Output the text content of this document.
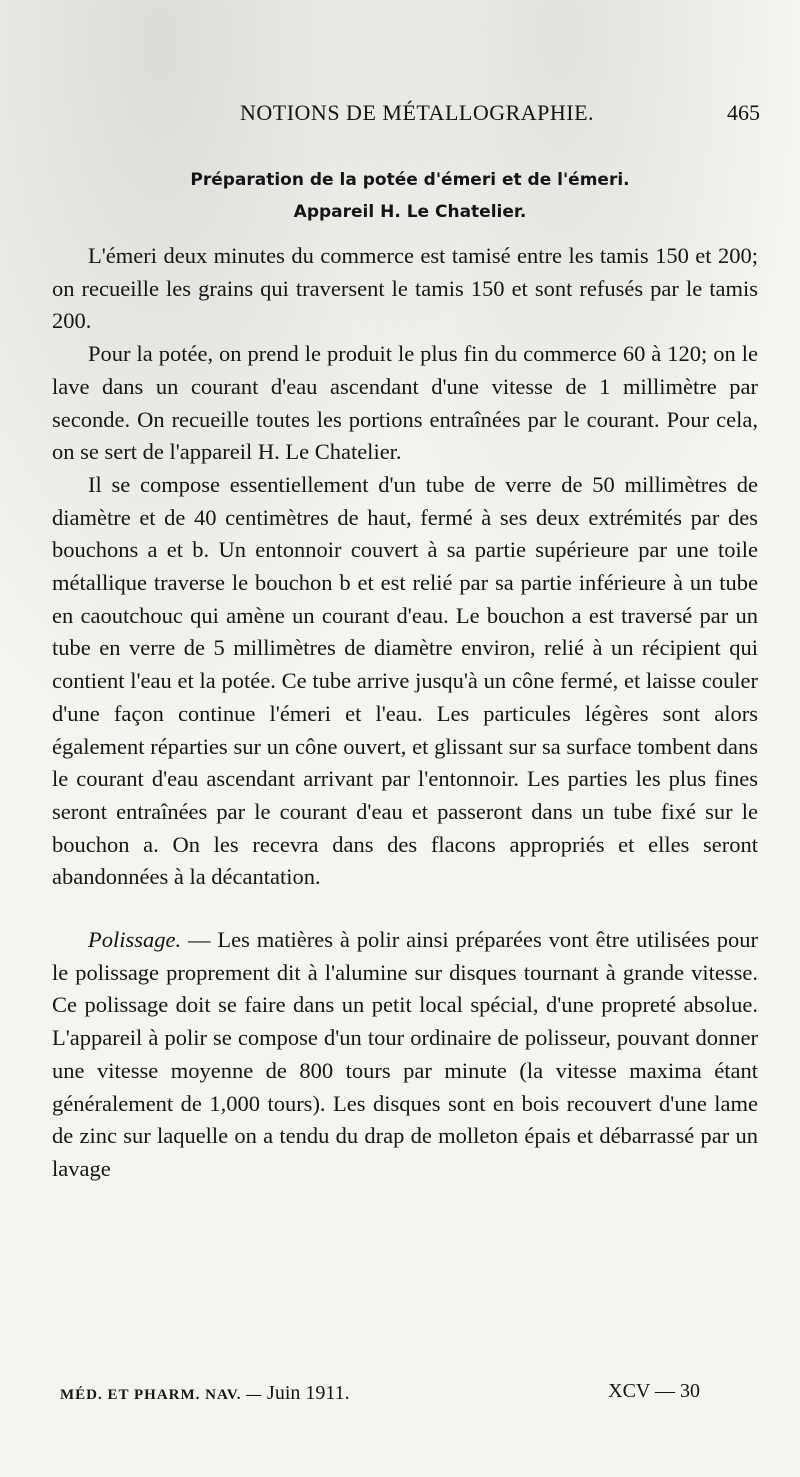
NOTIONS DE MÉTALLOGRAPHIE.	465
Préparation de la potée d'émeri et de l'émeri.
Appareil H. Le Chatelier.

L'émeri deux minutes du commerce est tamisé entre les tamis 150 et 200; on recueille les grains qui traversent le tamis 150 et sont refusés par le tamis 200.

Pour la potée, on prend le produit le plus fin du commerce 60 à 120; on le lave dans un courant d'eau ascendant d'une vitesse de 1 millimètre par seconde. On recueille toutes les portions entraînées par le courant. Pour cela, on se sert de l'appareil H. Le Chatelier.

Il se compose essentiellement d'un tube de verre de 50 millimètres de diamètre et de 40 centimètres de haut, fermé à ses deux extrémités par des bouchons a et b. Un entonnoir couvert à sa partie supérieure par une toile métallique traverse le bouchon b et est relié par sa partie inférieure à un tube en caoutchouc qui amène un courant d'eau. Le bouchon a est traversé par un tube en verre de 5 millimètres de diamètre environ, relié à un récipient qui contient l'eau et la potée. Ce tube arrive jusqu'à un cône fermé, et laisse couler d'une façon continue l'émeri et l'eau. Les particules légères sont alors également réparties sur un cône ouvert, et glissant sur sa surface tombent dans le courant d'eau ascendant arrivant par l'entonnoir. Les parties les plus fines seront entraînées par le courant d'eau et passeront dans un tube fixé sur le bouchon a. On les recevra dans des flacons appropriés et elles seront abandonnées à la décantation.

Polissage. — Les matières à polir ainsi préparées vont être utilisées pour le polissage proprement dit à l'alumine sur disques tournant à grande vitesse. Ce polissage doit se faire dans un petit local spécial, d'une propreté absolue. L'appareil à polir se compose d'un tour ordinaire de polisseur, pouvant donner une vitesse moyenne de 800 tours par minute (la vitesse maxima étant généralement de 1,000 tours). Les disques sont en bois recouvert d'une lame de zinc sur laquelle on a tendu du drap de molleton épais et débarrassé par un lavage

MÉD. ET PHARM. NAV. — Juin 1911.	XCV — 30
